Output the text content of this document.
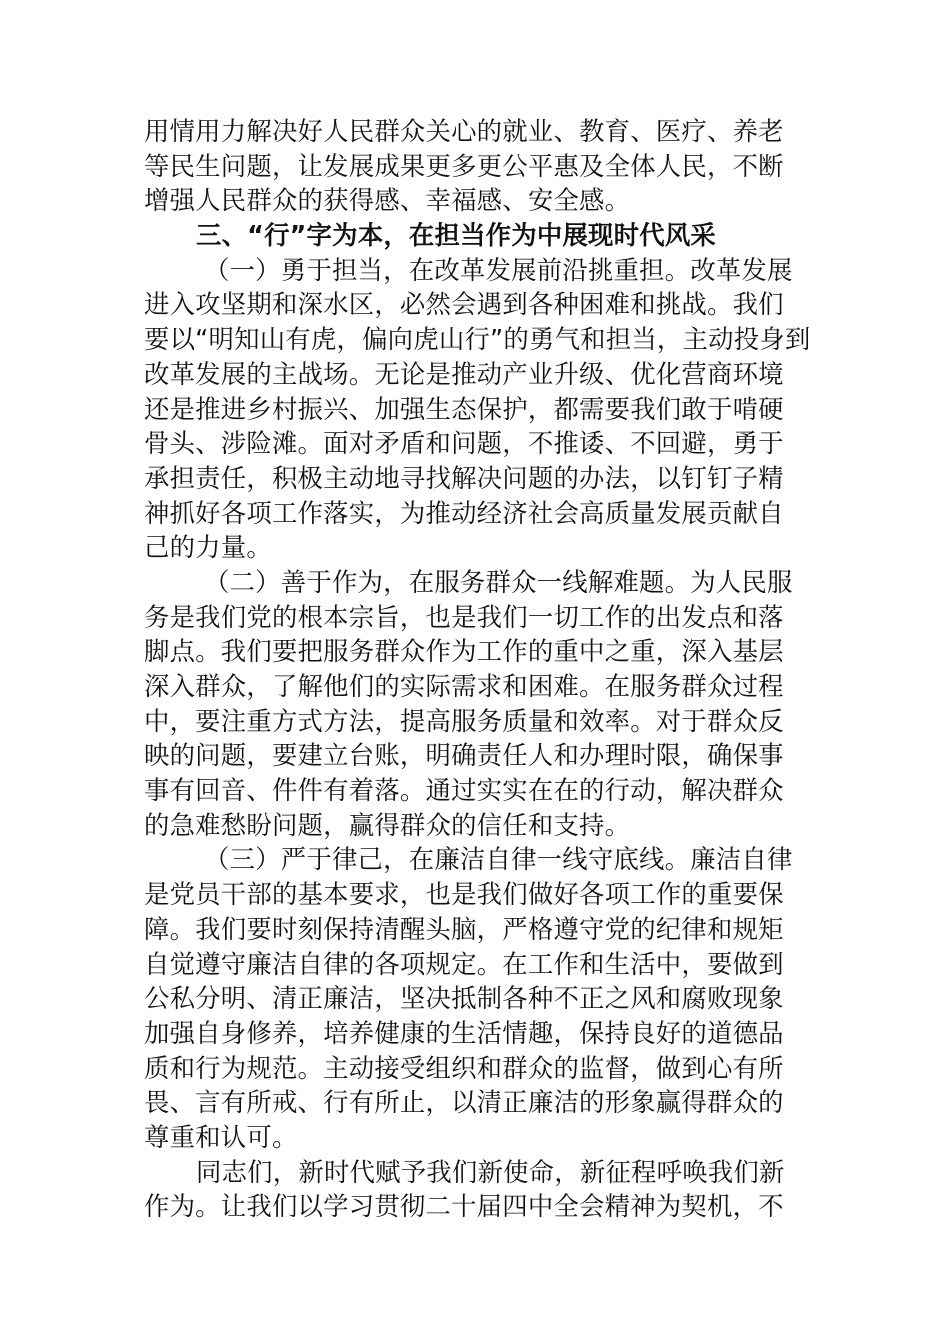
用情用力解决好人民群众关心的就业、教育、医疗、养老
等民生问题，让发展成果更多更公平惠及全体人民，不断
增强人民群众的获得感、幸福感、安全感。
三、“行”字为本，在担当作为中展现时代风采
（一）勇于担当，在改革发展前沿挑重担。改革发展
进入攻坚期和深水区，必然会遇到各种困难和挑战。我们
要以“明知山有虎，偏向虎山行”的勇气和担当，主动投身到
改革发展的主战场。无论是推动产业升级、优化营商环境
还是推进乡村振兴、加强生态保护，都需要我们敢于啃硬
骨头、涉险滩。面对矛盾和问题，不推诿、不回避，勇于
承担责任，积极主动地寻找解决问题的办法，以钉钉子精
神抓好各项工作落实，为推动经济社会高质量发展贡献自
己的力量。
（二）善于作为，在服务群众一线解难题。为人民服
务是我们党的根本宗旨，也是我们一切工作的出发点和落
脚点。我们要把服务群众作为工作的重中之重，深入基层
深入群众，了解他们的实际需求和困难。在服务群众过程
中，要注重方式方法，提高服务质量和效率。对于群众反
映的问题，要建立台账，明确责任人和办理时限，确保事
事有回音、件件有着落。通过实实在在的行动，解决群众
的急难愁盼问题，赢得群众的信任和支持。
（三）严于律己，在廉洁自律一线守底线。廉洁自律
是党员干部的基本要求，也是我们做好各项工作的重要保
障。我们要时刻保持清醒头脑，严格遵守党的纪律和规矩
自觉遵守廉洁自律的各项规定。在工作和生活中，要做到
公私分明、清正廉洁，坚决抵制各种不正之风和腐败现象
加强自身修养，培养健康的生活情趣，保持良好的道德品
质和行为规范。主动接受组织和群众的监督，做到心有所
畏、言有所戒、行有所止，以清正廉洁的形象赢得群众的
尊重和认可。
同志们，新时代赋予我们新使命，新征程呼唤我们新
作为。让我们以学习贯彻二十届四中全会精神为契机，不
